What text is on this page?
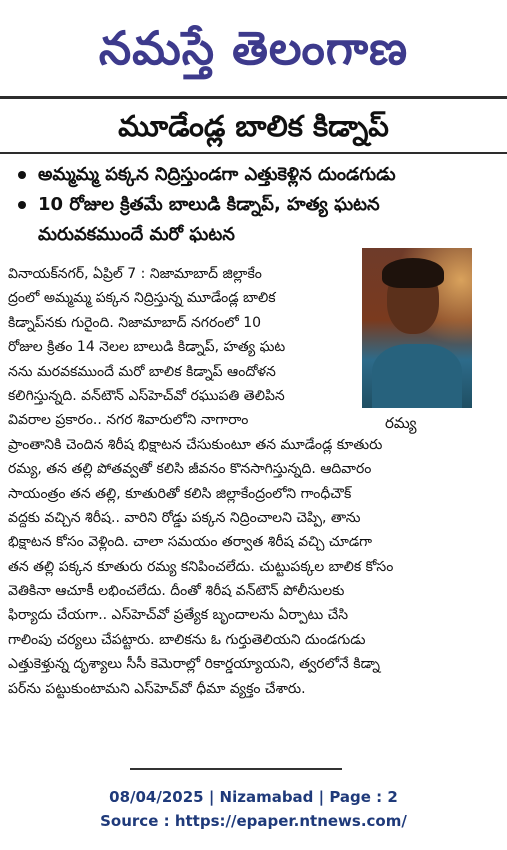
నమస్తే తెలంగాణ
మూడేండ్ల బాలిక కిడ్నాప్
అమ్మమ్మ పక్కన నిద్రిస్తుండగా ఎత్తుకెళ్లిన దుండగుడు
10 రోజుల క్రితమే బాలుడి కిడ్నాప్, హత్య ఘటన
మరువకముందే మరో ఘటన
రమ్య
వినాయక్‌నగర్, ఏప్రిల్ 7 : నిజామాబాద్ జిల్లాకేం
ద్రంలో అమ్మమ్మ పక్కన నిద్రిస్తున్న మూడేండ్ల బాలిక
కిడ్నాప్‌నకు గురైంది. నిజామాబాద్ నగరంలో 10
రోజుల క్రితం 14 నెలల బాలుడి కిడ్నాప్, హత్య ఘట
నను మరవకముందే మరో బాలిక కిడ్నాప్ ఆందోళన
కలిగిస్తున్నది. వన్‌టౌన్ ఎస్‌హెచ్‌వో రఘుపతి తెలిపిన
వివరాల ప్రకారం.. నగర శివారులోని నాగారాం
ప్రాంతానికి చెందిన శిరీష భిక్షాటన చేసుకుంటూ తన మూడేండ్ల కూతురు
రమ్య, తన తల్లి పోతవ్వతో కలిసి జీవనం కొనసాగిస్తున్నది. ఆదివారం
సాయంత్రం తన తల్లి, కూతురితో కలిసి జిల్లాకేంద్రంలోని గాంధీచౌక్
వద్దకు వచ్చిన శిరీష.. వారిని రోడ్డు పక్కన నిద్రించాలని చెప్పి, తాను
భిక్షాటన కోసం వెళ్లింది. చాలా సమయం తర్వాత శిరీష వచ్చి చూడగా
తన తల్లి పక్కన కూతురు రమ్య కనిపించలేదు. చుట్టుపక్కల బాలిక కోసం
వెతికినా ఆచూకీ లభించలేదు. దీంతో శిరీష వన్‌టౌన్ పోలీసులకు
ఫిర్యాదు చేయగా.. ఎస్‌హెచ్‌వో ప్రత్యేక బృందాలను ఏర్పాటు చేసి
గాలింపు చర్యలు చేపట్టారు. బాలికను ఓ గుర్తుతెలియని దుండగుడు
ఎత్తుకెళ్తున్న దృశ్యాలు సీసీ కెమెరాల్లో రికార్డయ్యాయని, త్వరలోనే కిడ్నా
పర్‌ను పట్టుకుంటామని ఎస్‌హెచ్‌వో ధీమా వ్యక్తం చేశారు.
08/04/2025 | Nizamabad | Page : 2
Source : https://epaper.ntnews.com/
